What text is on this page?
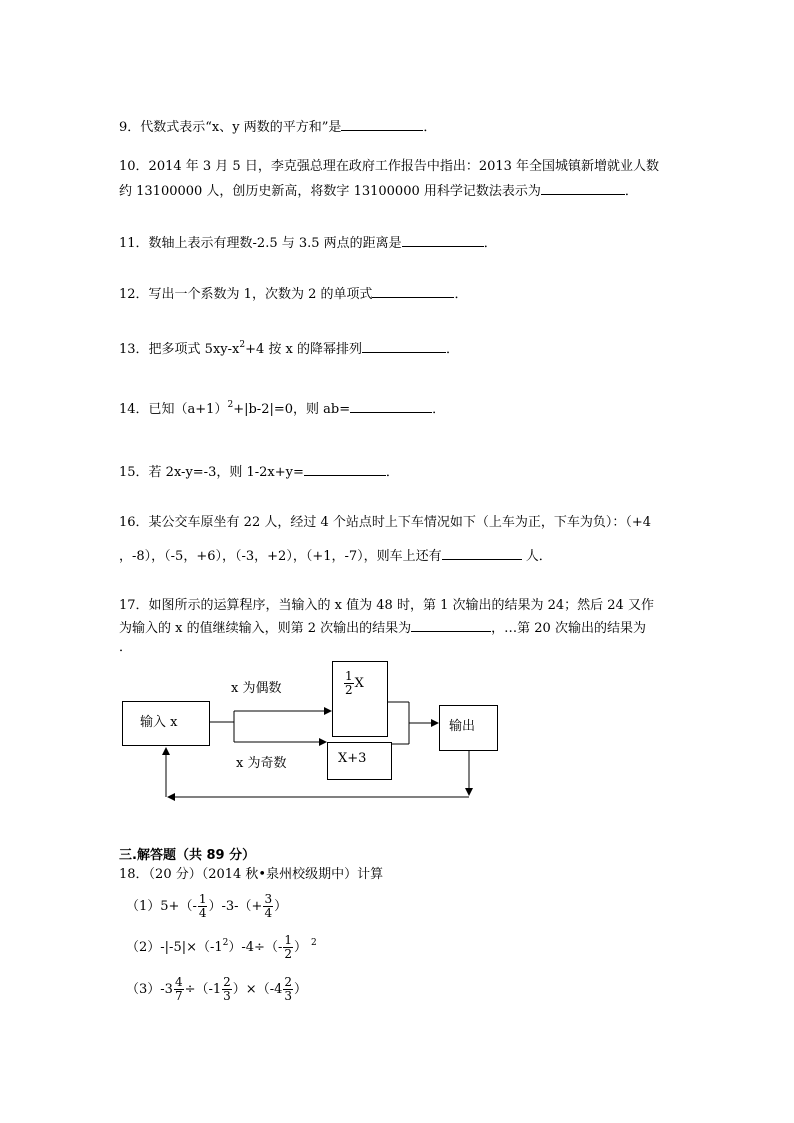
9．代数式表示“x、y 两数的平方和”是	．
10．2014 年 3 月 5 日，李克强总理在政府工作报告中指出：2013 年全国城镇新增就业人数
约 13100000 人，创历史新高，将数字 13100000 用科学记数法表示为	．
11．数轴上表示有理数-2.5 与 3.5 两点的距离是	．
12．写出一个系数为 1，次数为 2 的单项式	．
13．把多项式 $5xy-x^2+4$ 按 x 的降幂排列	．
14．已知$(a+1)^2+|b-2|=0$，则 ab=	．
15．若 2x-y=-3，则 1-2x+y=	．
16．某公交车原坐有 22 人，经过 4 个站点时上下车情况如下（上车为正，下车为负）：（+4
，-8），（-5，+6），（-3，+2），（+1，-7），则车上还有	人．
17．如图所示的运算程序，当输入的 x 值为 48 时，第 1 次输出的结果为 24；然后 24 又作
为输入的 x 的值继续输入，则第 2 次输出的结果为	，…第 20 次输出的结果为
．
输入 x
x 为偶数
x 为奇数
$\frac{1}{2}$ X
X+3
输出
三.解答题（共 89 分）
18．（20 分）（2014 秋•泉州校级期中）计算
$(1)5+(- \frac{1}{4} )-3-(+ \frac{3}{4}$ ）
$(2)-|-5|\times(-1^2)-4\div(- \frac{1}{2}$ ） $^2$
$(3)-3 \frac{4}{7} \div(-1 \frac{2}{3} )\times(-4 \frac{2}{3}$ ）
